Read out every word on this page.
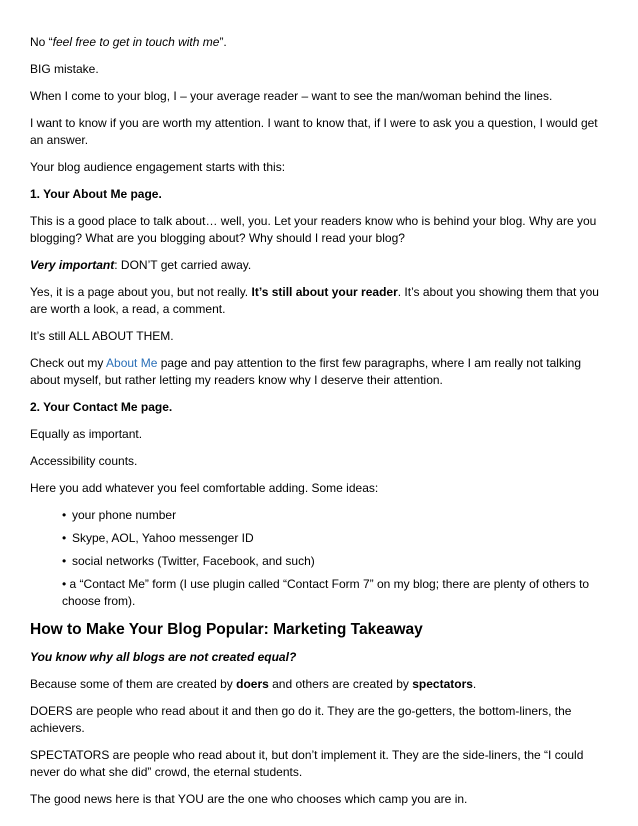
No “feel free to get in touch with me”.

BIG mistake.

When I come to your blog, I – your average reader – want to see the man/woman behind the lines.

I want to know if you are worth my attention. I want to know that, if I were to ask you a question, I would get an answer.

Your blog audience engagement starts with this:

1. Your About Me page.

This is a good place to talk about… well, you. Let your readers know who is behind your blog. Why are you blogging? What are you blogging about? Why should I read your blog?

Very important: DON’T get carried away.

Yes, it is a page about you, but not really. It’s still about your reader. It’s about you showing them that you are worth a look, a read, a comment.

It’s still ALL ABOUT THEM.

Check out my About Me page and pay attention to the first few paragraphs, where I am really not talking about myself, but rather letting my readers know why I deserve their attention.

2. Your Contact Me page.

Equally as important.

Accessibility counts.

Here you add whatever you feel comfortable adding. Some ideas:

• your phone number
• Skype, AOL, Yahoo messenger ID
• social networks (Twitter, Facebook, and such)
• a “Contact Me” form (I use plugin called “Contact Form 7” on my blog; there are plenty of others to choose from).
How to Make Your Blog Popular: Marketing Takeaway

You know why all blogs are not created equal?

Because some of them are created by doers and others are created by spectators.

DOERS are people who read about it and then go do it. They are the go-getters, the bottom-liners, the achievers.

SPECTATORS are people who read about it, but don’t implement it. They are the side-liners, the “I could never do what she did” crowd, the eternal students.

The good news here is that YOU are the one who chooses which camp you are in.
